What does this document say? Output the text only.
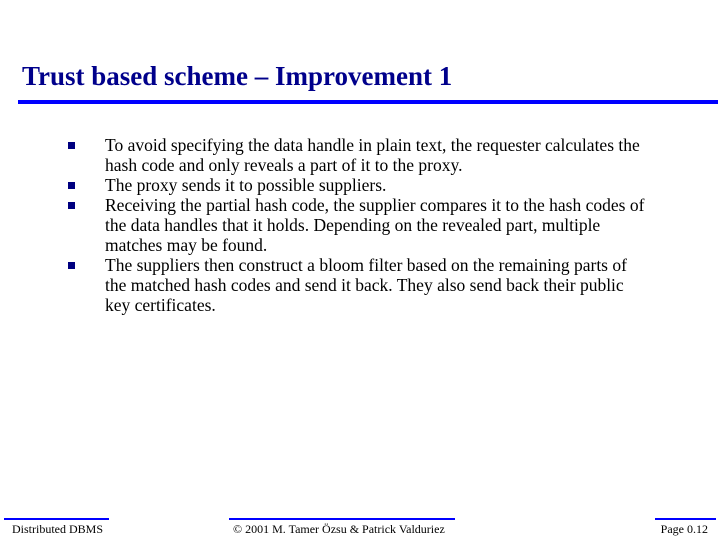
Trust based scheme – Improvement 1
To avoid specifying the data handle in plain text, the requester calculates the hash code and only reveals a part of it to the proxy.
The proxy sends it to possible suppliers.
Receiving the partial hash code, the supplier compares it to the hash codes of the data handles that it holds. Depending on the revealed part, multiple matches may be found.
The suppliers then construct a bloom filter based on the remaining parts of the matched hash codes and send it back. They also send back their public key certificates.
Distributed DBMS	© 2001 M. Tamer Özsu & Patrick Valduriez	Page 0.12
